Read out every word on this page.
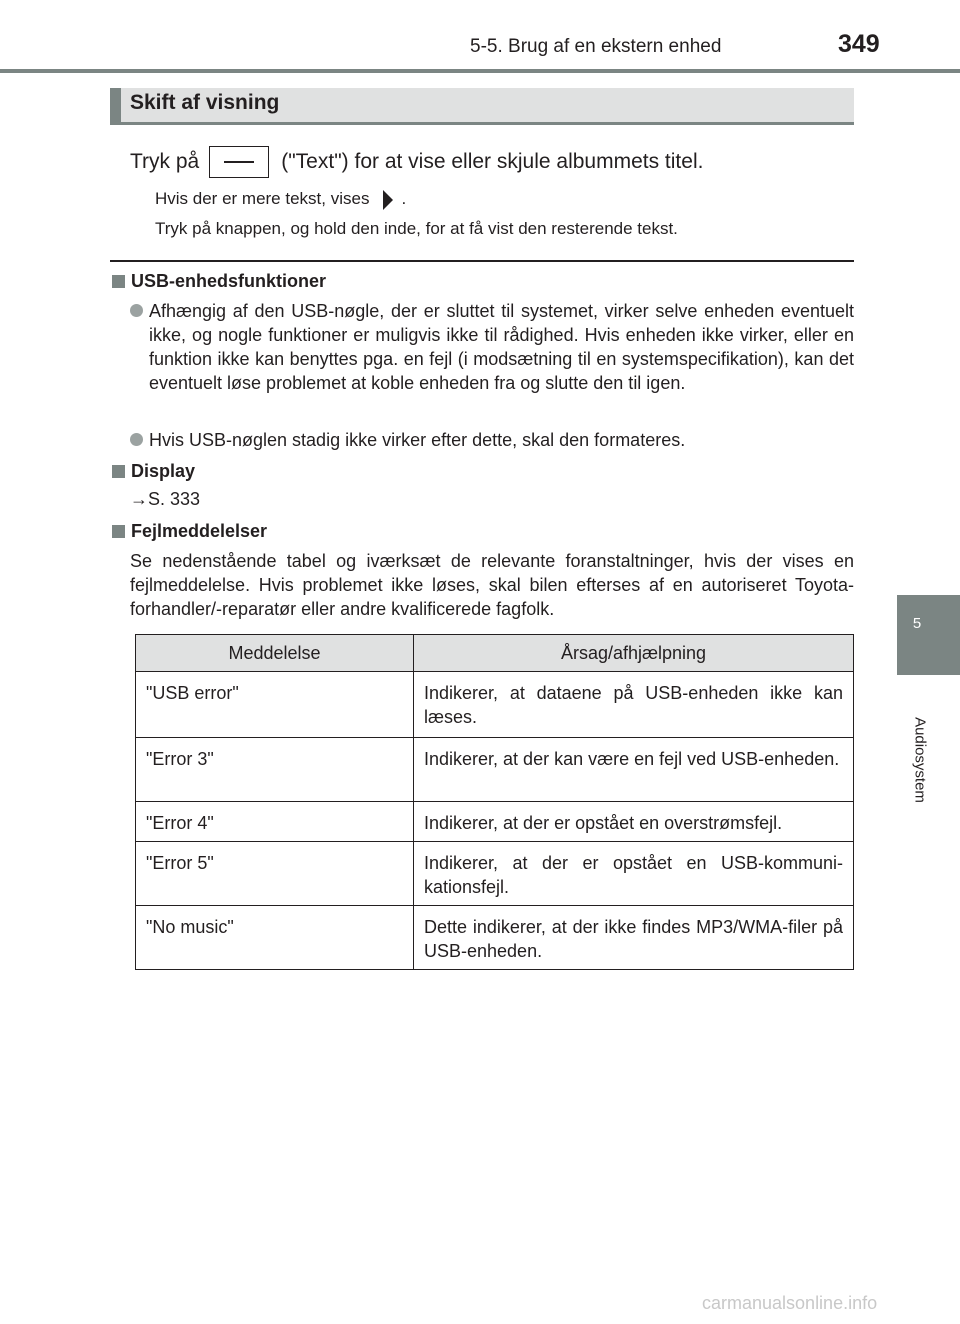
5-5. Brug af en ekstern enhed	349
5
Audiosystem
Skift af visning
Tryk på	("Text") for at vise eller skjule albummets titel.
Hvis der er mere tekst, vises .
Tryk på knappen, og hold den inde, for at få vist den resterende tekst.
USB-enhedsfunktioner
Afhængig af den USB-nøgle, der er sluttet til systemet, virker selve enheden eventuelt ikke, og nogle funktioner er muligvis ikke til rådighed. Hvis enheden ikke virker, eller en funktion ikke kan benyttes pga. en fejl (i modsætning til en systemspecifikation), kan det eventuelt løse problemet at koble enheden fra og slutte den til igen.
Hvis USB-nøglen stadig ikke virker efter dette, skal den formateres.
Display
→S. 333
Fejlmeddelelser
Se nedenstående tabel og iværksæt de relevante foranstaltninger, hvis der vises en fejlmeddelelse. Hvis problemet ikke løses, skal bilen efterses af en autoriseret Toyota-forhandler/-reparatør eller andre kvalificerede fagfolk.
Meddelelse	Årsag/afhjælpning
"USB error"	Indikerer, at dataene på USB-enheden ikke kan læses.
"Error 3"	Indikerer, at der kan være en fejl ved USB-enheden.
"Error 4"	Indikerer, at der er opstået en overstrømsfejl.
"Error 5"	Indikerer, at der er opstået en USB-kommuni-kationsfejl.
"No music"	Dette indikerer, at der ikke findes MP3/WMA-filer på USB-enheden.
carmanualsonline.info
